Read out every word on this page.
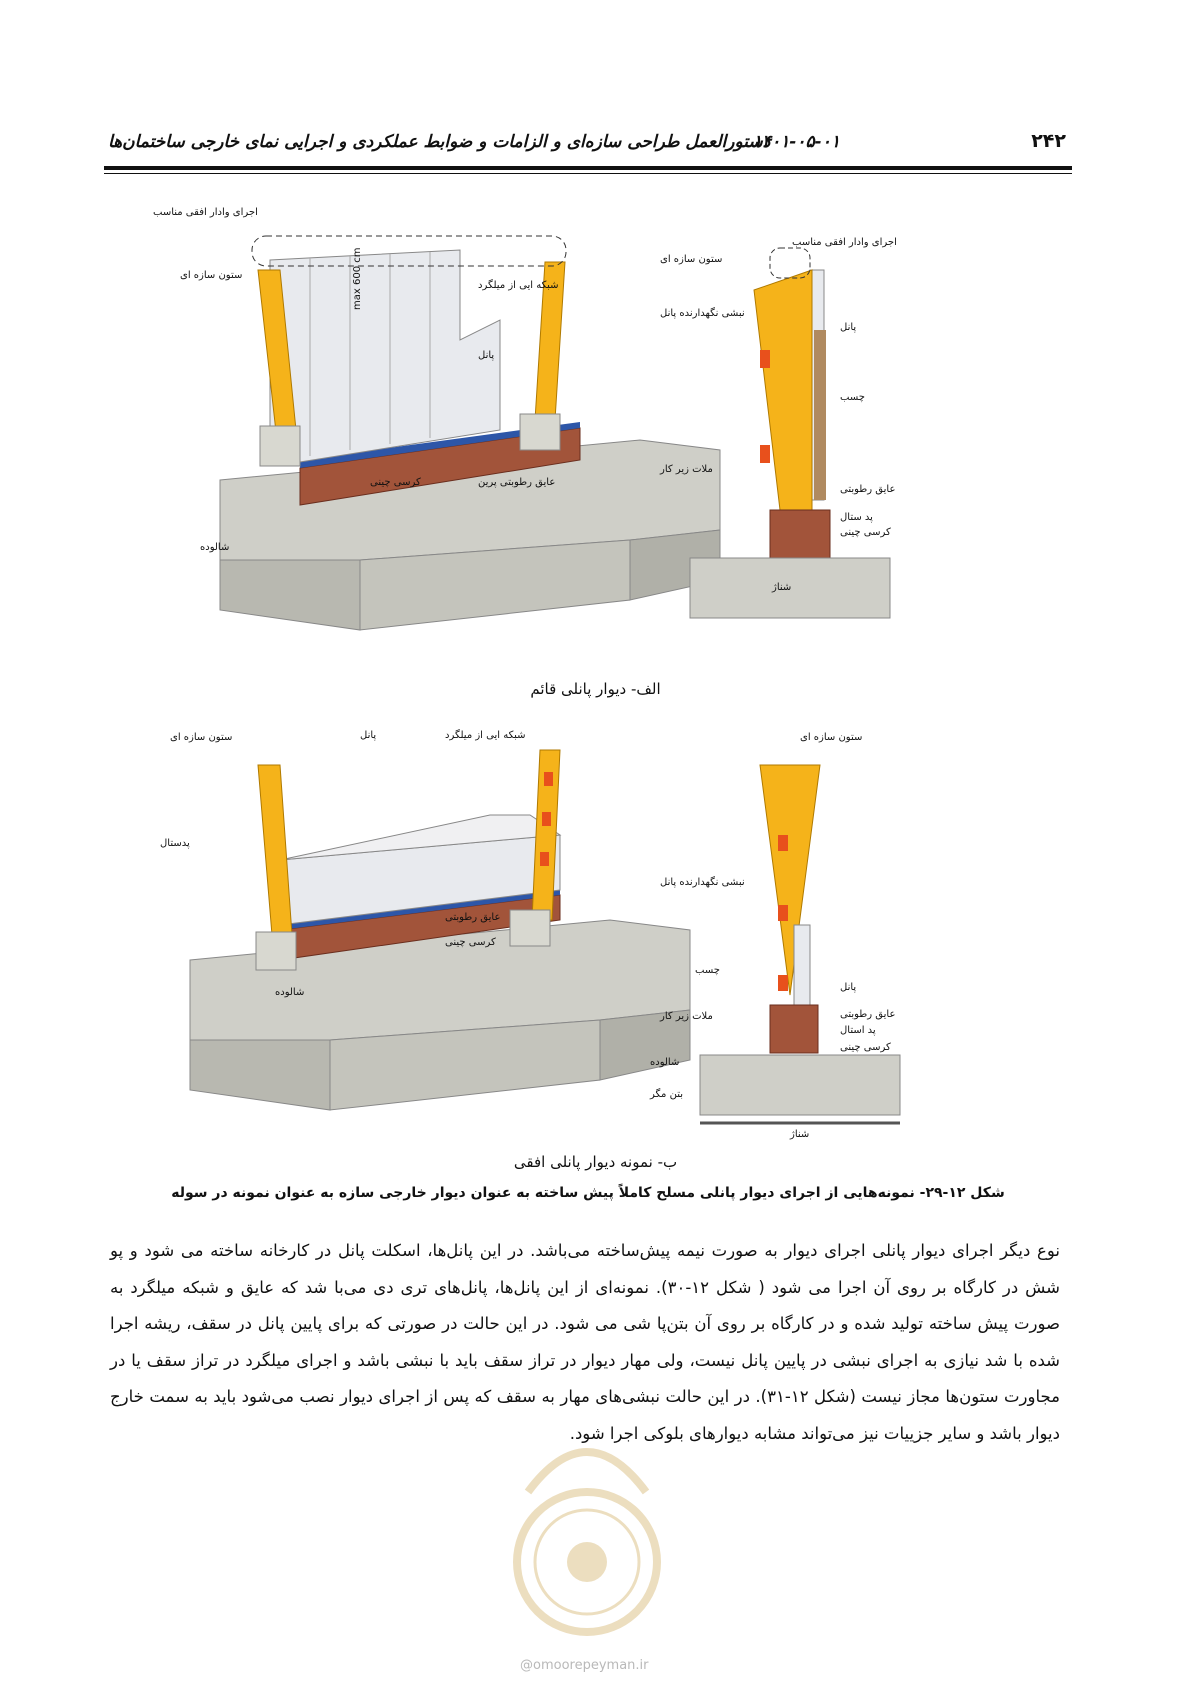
۲۴۲
۱۴۰۱-۰۵-۰۱
دستورالعمل طراحی سازه‌ای و الزامات و ضوابط عملکردی و اجرایی نمای خارجی ساختمان‌ها
max 600 cm
اجرای وادار افقی مناسب
ستون سازه ای
شبکه ایی از میلگرد
پانل
عایق رطوبتی پرین
کرسی چینی
شالوده
اجرای وادار افقی مناسب
ستون سازه ای
نبشی نگهدارنده پانل
پانل
چسب
عایق رطوبتی
ملات زیر کار
پد ستال
کرسی چینی
شناژ
الف- دیوار پانلی قائم
ستون سازه ای	شبکه ایی از میلگرد
پانل
پدستال
عایق رطوبتی
کرسی چینی
شالوده
ستون سازه ای
نبشی نگهدارنده پانل
چسب
پانل
عایق رطوبتی
ملات زیر کار
پد استال
کرسی چینی
شالوده
بتن مگر
شناژ
ب- نمونه دیوار پانلی افقی
شکل ۱۲-۲۹- نمونه‌هایی از اجرای دیوار پانلی مسلح کاملاً پیش ساخته به عنوان دیوار خارجی سازه به عنوان نمونه در سوله
نوع دیگر اجرای دیوار پانلی اجرای دیوار به صورت نیمه پیش‌ساخته می‌باشد. در این پانل‌ها، اسکلت پانل در کارخانه ساخته می شود و پو شش در کارگاه بر روی آن اجرا می شود ( شکل ۱۲-۳۰). نمونه‌ای از این پانل‌ها، پانل‌های تری دی می‌با شد که عایق و شبکه میلگرد به صورت پیش ساخته تولید شده و در کارگاه بر روی آن بتن‌پا شی می شود. در این حالت در صورتی که برای پایین پانل در سقف، ریشه اجرا شده با شد نیازی به اجرای نبشی در پایین پانل نیست، ولی مهار دیوار در تراز سقف باید با نبشی باشد و اجرای میلگرد در تراز سقف یا در مجاورت ستون‌ها مجاز نیست (شکل ۱۲-۳۱). در این حالت نبشی‌های مهار به سقف که پس از اجرای دیوار نصب می‌شود باید به سمت خارج دیوار باشد و سایر جزییات نیز می‌تواند مشابه دیوارهای بلوکی اجرا شود.
@omoorepeyman.ir
